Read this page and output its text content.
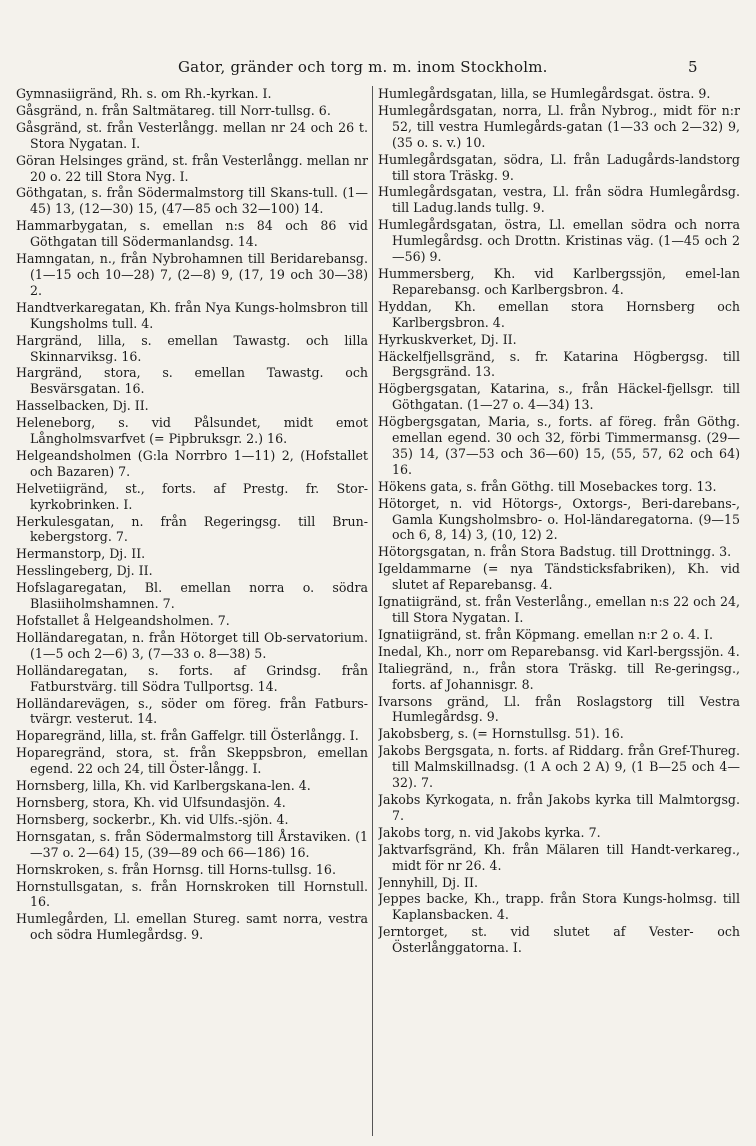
Gator, gränder och torg m. m. inom Stockholm.	5

Gymnasiigränd, Rh. s. om Rh.-kyrkan. I.

Gåsgränd, n. från Saltmätareg. till Norr-tullsg. 6.

Gåsgränd, st. från Vesterlångg. mellan nr 24 och 26 t. Stora Nygatan. I.

Göran Helsinges gränd, st. från Vesterlångg. mellan nr 20 o. 22 till Stora Nyg. I.

Göthgatan, s. från Södermalmstorg till Skans-tull. (1—45) 13, (12—30) 15, (47—85 och 32—100) 14.

Hammarbygatan, s. emellan n:s 84 och 86 vid Göthgatan till Södermanlandsg. 14.

Hamngatan, n., från Nybrohamnen till Beridarebansg. (1—15 och 10—28) 7, (2—8) 9, (17, 19 och 30—38) 2.

Handtverkaregatan, Kh. från Nya Kungs-holmsbron till Kungsholms tull. 4.

Hargränd, lilla, s. emellan Tawastg. och lilla Skinnarviksg. 16.

Hargränd, stora, s. emellan Tawastg. och Besvärsgatan. 16.

Hasselbacken, Dj. II.

Heleneborg, s. vid Pålsundet, midt emot Långholmsvarfvet (= Pipbruksgr. 2.) 16.

Helgeandsholmen (G:la Norrbro 1—11) 2, (Hofstallet och Bazaren) 7.

Helvetiigränd, st., forts. af Prestg. fr. Stor-kyrkobrinken. I.

Herkulesgatan, n. från Regeringsg. till Brun-kebergstorg. 7.

Hermanstorp, Dj. II.

Hesslingeberg, Dj. II.

Hofslagaregatan, Bl. emellan norra o. södra Blasiiholmshamnen. 7.

Hofstallet å Helgeandsholmen. 7.

Holländaregatan, n. från Hötorget till Ob-servatorium. (1—5 och 2—6) 3, (7—33 o. 8—38) 5.

Holländaregatan, s. forts. af Grindsg. från Fatburstvärg. till Södra Tullportsg. 14.

Holländarevägen, s., söder om föreg. från Fatburs-tvärgr. vesterut. 14.

Hoparegränd, lilla, st. från Gaffelgr. till Österlångg. I.

Hoparegränd, stora, st. från Skeppsbron, emellan egend. 22 och 24, till Öster-långg. I.

Hornsberg, lilla, Kh. vid Karlbergskana-len. 4.

Hornsberg, stora, Kh. vid Ulfsundasjön. 4.

Hornsberg, sockerbr., Kh. vid Ulfs.-sjön. 4.

Hornsgatan, s. från Södermalmstorg till Årstaviken. (1—37 o. 2—64) 15, (39—89 och 66—186) 16.

Hornskroken, s. från Hornsg. till Horns-tullsg. 16.

Hornstullsgatan, s. från Hornskroken till Hornstull. 16.

Humlegården, Ll. emellan Stureg. samt norra, vestra och södra Humlegårdsg. 9.

Humlegårdsgatan, lilla, se Humlegårdsgat. östra. 9.

Humlegårdsgatan, norra, Ll. från Nybrog., midt för n:r 52, till vestra Humlegårds-gatan (1—33 och 2—32) 9, (35 o. s. v.) 10.

Humlegårdsgatan, södra, Ll. från Ladugårds-landstorg till stora Träskg. 9.

Humlegårdsgatan, vestra, Ll. från södra Humlegårdsg. till Ladug.lands tullg. 9.

Humlegårdsgatan, östra, Ll. emellan södra och norra Humlegårdsg. och Drottn. Kristinas väg. (1—45 och 2—56) 9.

Hummersberg, Kh. vid Karlbergssjön, emel-lan Reparebansg. och Karlbergsbron. 4.

Hyddan, Kh. emellan stora Hornsberg och Karlbergsbron. 4.

Hyrkuskverket, Dj. II.

Häckelfjellsgränd, s. fr. Katarina Högbergsg. till Bergsgränd. 13.

Högbergsgatan, Katarina, s., från Häckel-fjellsgr. till Göthgatan. (1—27 o. 4—34) 13.

Högbergsgatan, Maria, s., forts. af föreg. från Göthg. emellan egend. 30 och 32, förbi Timmermansg. (29—35) 14, (37—53 och 36—60) 15, (55, 57, 62 och 64) 16.

Hökens gata, s. från Göthg. till Mosebackes torg. 13.

Hötorget, n. vid Hötorgs-, Oxtorgs-, Beri-darebans-, Gamla Kungsholmsbro- o. Hol-ländaregatorna. (9—15 och 6, 8, 14) 3, (10, 12) 2.

Hötorgsgatan, n. från Stora Badstug. till Drottningg. 3.

Igeldammarne (= nya Tändsticksfabriken), Kh. vid slutet af Reparebansg. 4.

Ignatiigränd, st. från Vesterlång., emellan n:s 22 och 24, till Stora Nygatan. I.

Ignatiigränd, st. från Köpmang. emellan n:r 2 o. 4. I.

Inedal, Kh., norr om Reparebansg. vid Karl-bergssjön. 4.

Italiegränd, n., från stora Träskg. till Re-geringsg., forts. af Johannisgr. 8.

Ivarsons gränd, Ll. från Roslagstorg till Vestra Humlegårdsg. 9.

Jakobsberg, s. (= Hornstullsg. 51). 16.

Jakobs Bergsgata, n. forts. af Riddarg. från Gref-Thureg. till Malmskillnadsg. (1 A och 2 A) 9, (1 B—25 och 4—32). 7.

Jakobs Kyrkogata, n. från Jakobs kyrka till Malmtorgsg. 7.

Jakobs torg, n. vid Jakobs kyrka. 7.

Jaktvarfsgränd, Kh. från Mälaren till Handt-verkareg., midt för nr 26. 4.

Jennyhill, Dj. II.

Jeppes backe, Kh., trapp. från Stora Kungs-holmsg. till Kaplansbacken. 4.

Jerntorget, st. vid slutet af Vester- och Österlånggatorna. I.
